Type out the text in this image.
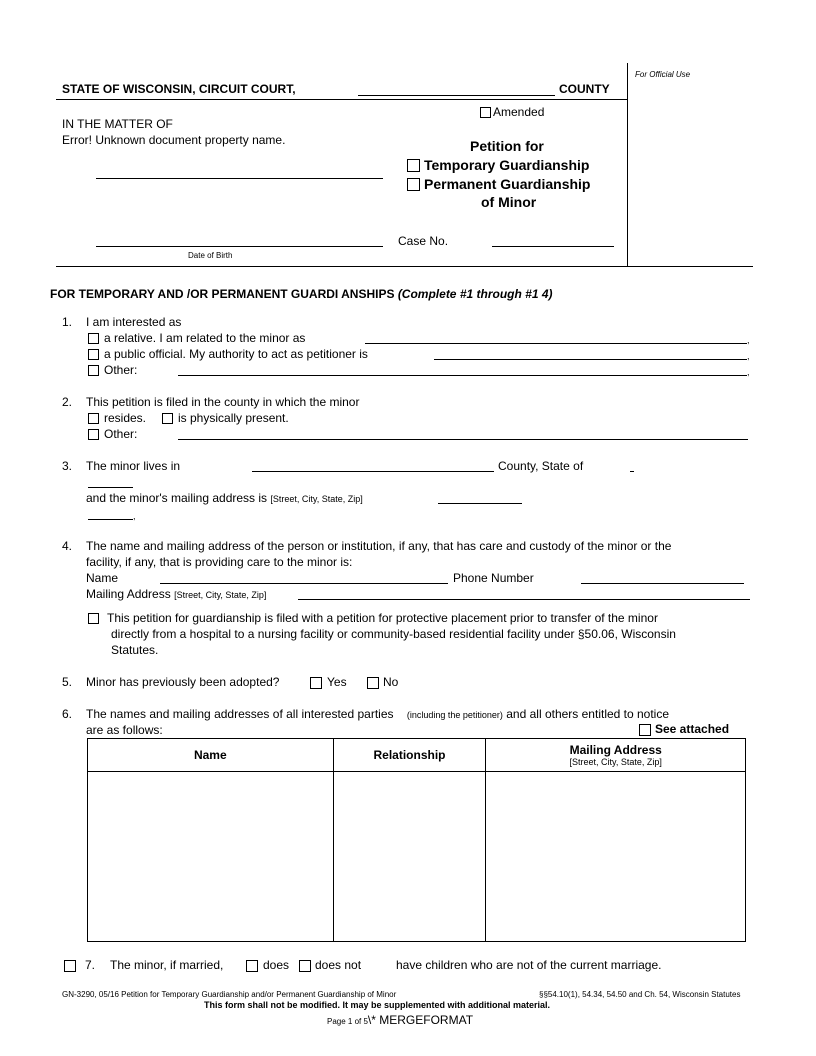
For Official Use
STATE OF WISCONSIN, CIRCUIT COURT,	COUNTY
Amended
IN THE MATTER OF
Error! Unknown document property name.	Petition for
Temporary Guardianship
Permanent Guardianship
of Minor
Date of Birth
Case No.
FOR TEMPORARY AND /OR PERMANENT GUARDI ANSHIPS (Complete #1 through #1 4)
1. I am interested as
a relative. I am related to the minor as	,
a public official. My authority to act as petitioner is	,
Other:	,
2. This petition is filed in the county in which the minor
resides.	is physically present.
Other:
3. The minor lives in	County, State of
and the minor's mailing address is [Street, City, State, Zip]
,
4. The name and mailing address of the person or institution, if any, that has care and custody of the minor or the
facility, if any, that is providing care to the minor is:
Name	Phone Number
Mailing Address [Street, City, State, Zip]
This petition for guardianship is filed with a petition for protective placement prior to transfer of the minor
directly from a hospital to a nursing facility or community-based residential facility under §50.06, Wisconsin
Statutes.
5. Minor has previously been adopted?	Yes	No
6. The names and mailing addresses of all interested parties (including the petitioner) and all others entitled to notice
are as follows:	See attached
Name	Relationship	Mailing Address
[Street, City, State, Zip]

7. The minor, if married,	does does not	have children who are not of the current marriage.
GN-3290, 05/16 Petition for Temporary Guardianship and/or Permanent Guardianship of Minor	§§54.10(1), 54.34, 54.50 and Ch. 54, Wisconsin Statutes
This form shall not be modified. It may be supplemented with additional material.
Page 1 of 5\* MERGEFORMAT
